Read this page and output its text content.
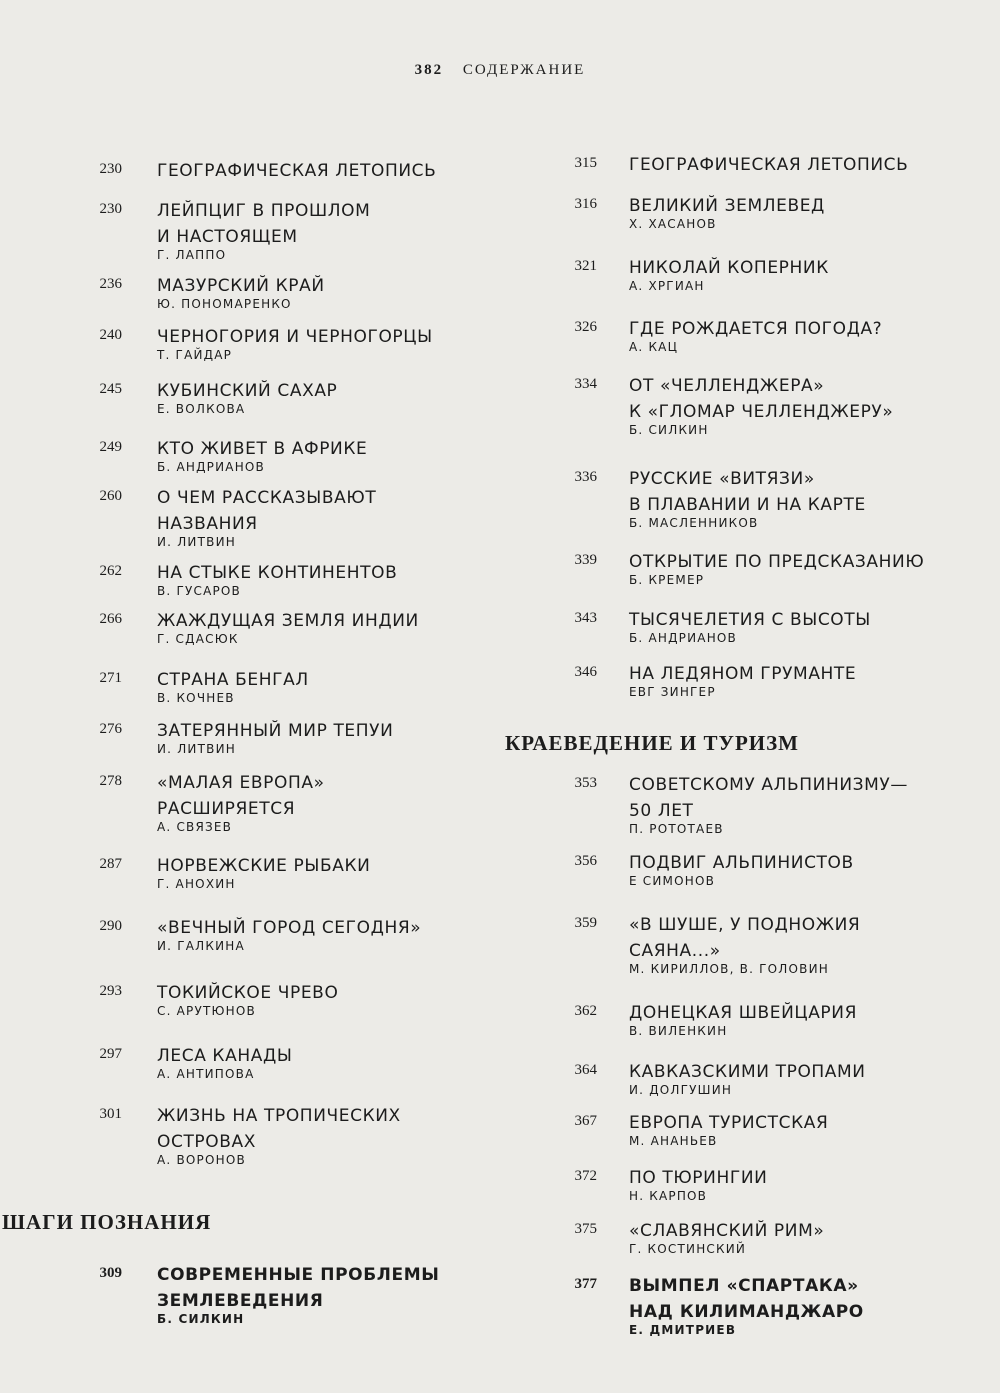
382 СОДЕРЖАНИЕ
230 ГЕОГРАФИЧЕСКАЯ ЛЕТОПИСЬ
230 ЛЕЙПЦИГ В ПРОШЛОМ
И НАСТОЯЩЕМ
Г. ЛАППО
236 МАЗУРСКИЙ КРАЙ
Ю. ПОНОМАРЕНКО
240 ЧЕРНОГОРИЯ И ЧЕРНОГОРЦЫ
Т. ГАЙДАР
245 КУБИНСКИЙ САХАР
Е. ВОЛКОВА
249 КТО ЖИВЕТ В АФРИКЕ
Б. АНДРИАНОВ
260 О ЧЕМ РАССКАЗЫВАЮТ
НАЗВАНИЯ
И. ЛИТВИН
262 НА СТЫКЕ КОНТИНЕНТОВ
В. ГУСАРОВ
266 ЖАЖДУЩАЯ ЗЕМЛЯ ИНДИИ
Г. СДАСЮК
271 СТРАНА БЕНГАЛ
В. КОЧНЕВ
276 ЗАТЕРЯННЫЙ МИР ТЕПУИ
И. ЛИТВИН
278 «МАЛАЯ ЕВРОПА»
РАСШИРЯЕТСЯ
А. СВЯЗЕВ
287 НОРВЕЖСКИЕ РЫБАКИ
Г. АНОХИН
290 «ВЕЧНЫЙ ГОРОД СЕГОДНЯ»
И. ГАЛКИНА
293 ТОКИЙСКОЕ ЧРЕВО
С. АРУТЮНОВ
297 ЛЕСА КАНАДЫ
А. АНТИПОВА
301 ЖИЗНЬ НА ТРОПИЧЕСКИХ
ОСТРОВАХ
А. ВОРОНОВ
ШАГИ ПОЗНАНИЯ
309 СОВРЕМЕННЫЕ ПРОБЛЕМЫ
ЗЕМЛЕВЕДЕНИЯ
Б. СИЛКИН
315 ГЕОГРАФИЧЕСКАЯ ЛЕТОПИСЬ
316 ВЕЛИКИЙ ЗЕМЛЕВЕД
Х. ХАСАНОВ
321 НИКОЛАЙ КОПЕРНИК
А. ХРГИАН
326 ГДЕ РОЖДАЕТСЯ ПОГОДА?
А. КАЦ
334 ОТ «ЧЕЛЛЕНДЖЕРА»
К «ГЛОМАР ЧЕЛЛЕНДЖЕРУ»
Б. СИЛКИН
336 РУССКИЕ «ВИТЯЗИ»
В ПЛАВАНИИ И НА КАРТЕ
Б. МАСЛЕННИКОВ
339 ОТКРЫТИЕ ПО ПРЕДСКАЗАНИЮ
Б. КРЕМЕР
343 ТЫСЯЧЕЛЕТИЯ С ВЫСОТЫ
Б. АНДРИАНОВ
346 НА ЛЕДЯНОМ ГРУМАНТЕ
ЕВГ ЗИНГЕР
КРАЕВЕДЕНИЕ И ТУРИЗМ
353 СОВЕТСКОМУ АЛЬПИНИЗМУ—
50 ЛЕТ
П. РОТОТАЕВ
356 ПОДВИГ АЛЬПИНИСТОВ
Е СИМОНОВ
359 «В ШУШЕ, У ПОДНОЖИЯ
САЯНА...»
М. КИРИЛЛОВ, В. ГОЛОВИН
362 ДОНЕЦКАЯ ШВЕЙЦАРИЯ
В. ВИЛЕНКИН
364 КАВКАЗСКИМИ ТРОПАМИ
И. ДОЛГУШИН
367 ЕВРОПА ТУРИСТСКАЯ
М. АНАНЬЕВ
372 ПО ТЮРИНГИИ
Н. КАРПОВ
375 «СЛАВЯНСКИЙ РИМ»
Г. КОСТИНСКИЙ
377 ВЫМПЕЛ «СПАРТАКА»
НАД КИЛИМАНДЖАРО
Е. ДМИТРИЕВ
